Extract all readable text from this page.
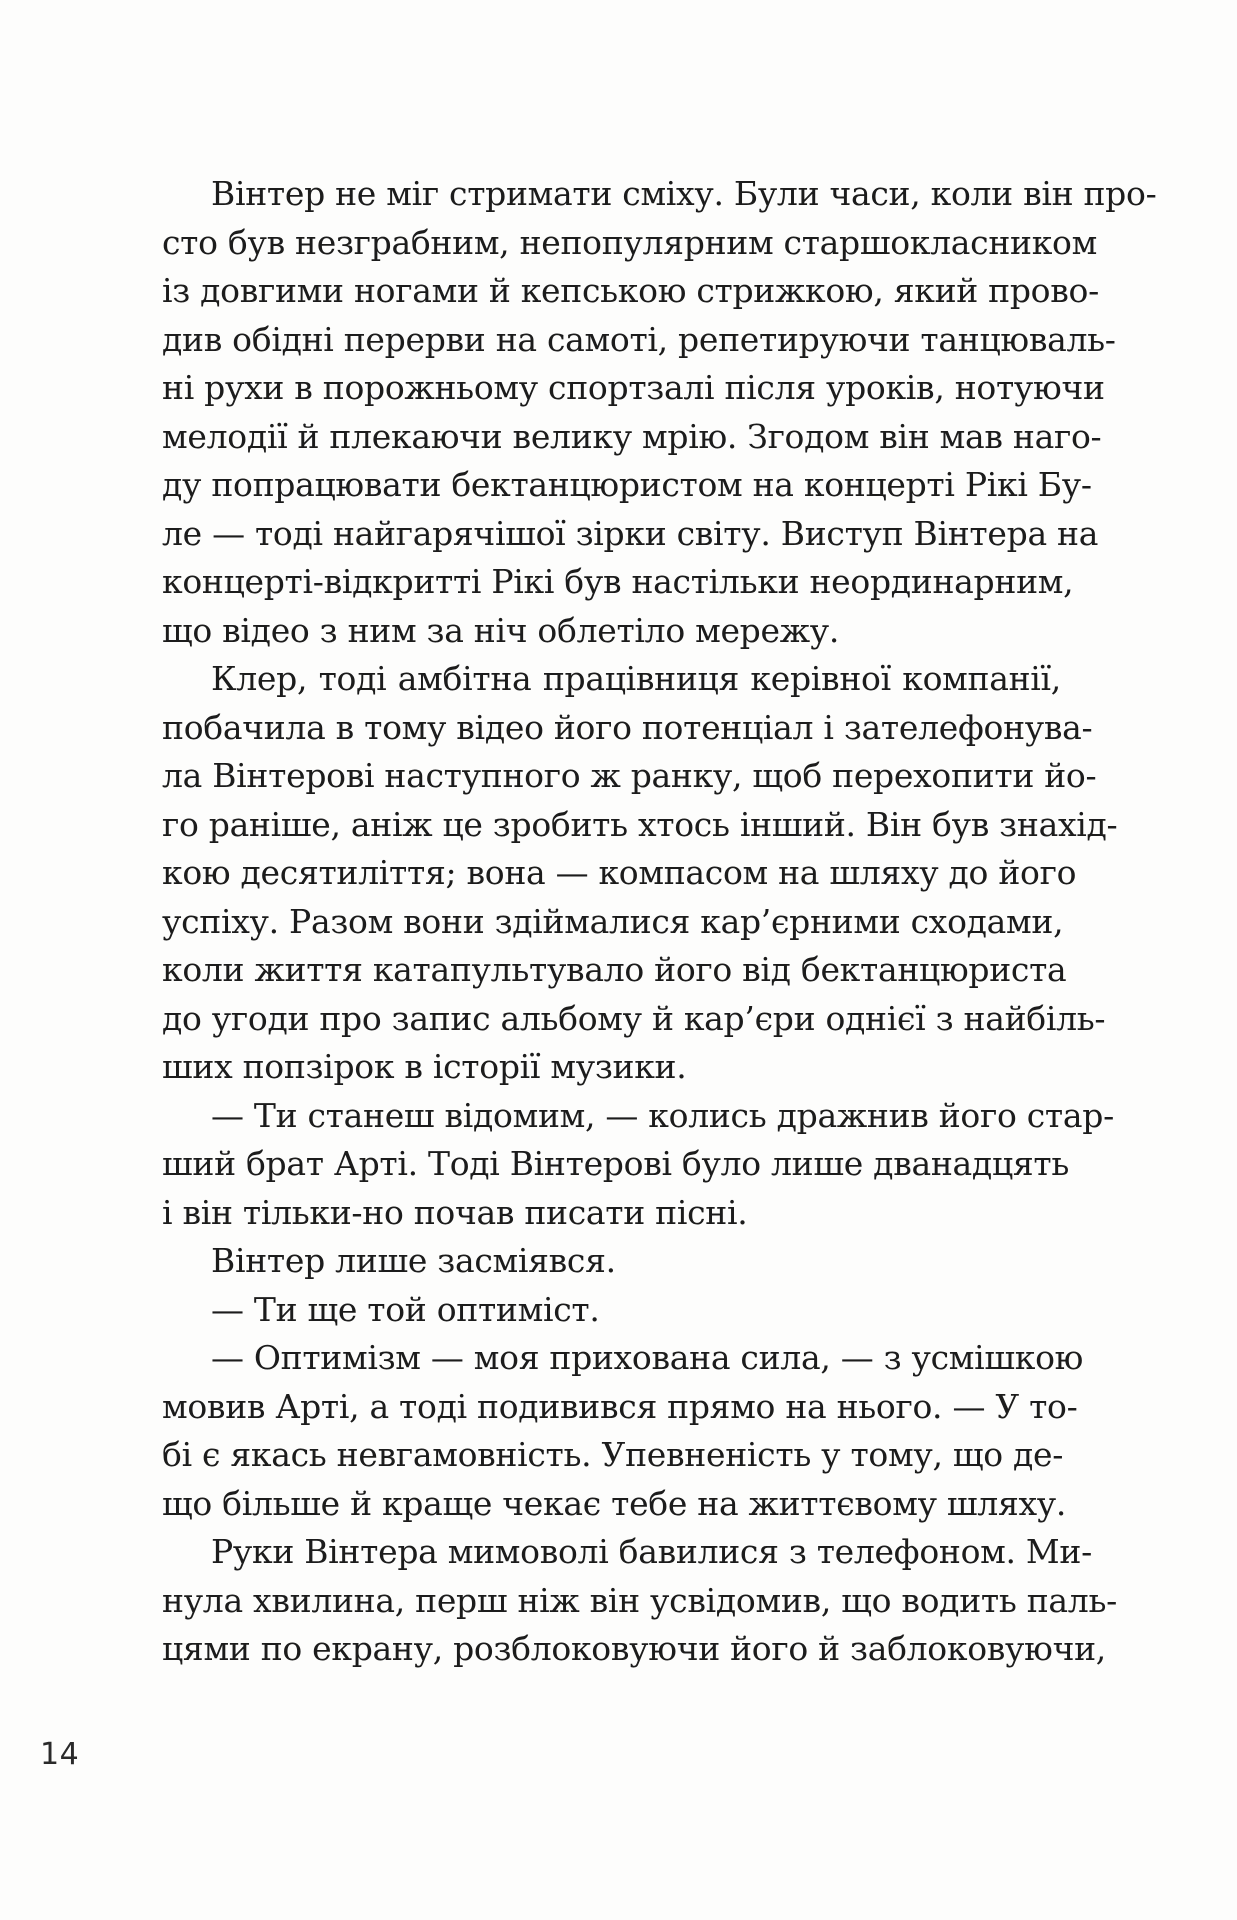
Вінтер не міг стримати сміху. Були часи, коли він про-
сто був незграбним, непопулярним старшокласником
із довгими ногами й кепською стрижкою, який прово-
див обідні перерви на самоті, репетируючи танцюваль-
ні рухи в порожньому спортзалі після уроків, нотуючи
мелодії й плекаючи велику мрію. Згодом він мав наго-
ду попрацювати бектанцюристом на концерті Рікі Бу-
ле — тоді найгарячішої зірки світу. Виступ Вінтера на
концерті-відкритті Рікі був настільки неординарним,
що відео з ним за ніч облетіло мережу.
Клер, тоді амбітна працівниця керівної компанії,
побачила в тому відео його потенціал і зателефонува-
ла Вінтерові наступного ж ранку, щоб перехопити йо-
го раніше, аніж це зробить хтось інший. Він був знахід-
кою десятиліття; вона — компасом на шляху до його
успіху. Разом вони здіймалися кар’єрними сходами,
коли життя катапультувало його від бектанцюриста
до угоди про запис альбому й кар’єри однієї з найбіль-
ших попзірок в історії музики.
— Ти станеш відомим, — колись дражнив його стар-
ший брат Арті. Тоді Вінтерові було лише дванадцять
і він тільки-но почав писати пісні.
Вінтер лише засміявся.
— Ти ще той оптиміст.
— Оптимізм — моя прихована сила, — з усмішкою
мовив Арті, а тоді подивився прямо на нього. — У то-
бі є якась невгамовність. Упевненість у тому, що де-
що більше й краще чекає тебе на життєвому шляху.
Руки Вінтера мимоволі бавилися з телефоном. Ми-
нула хвилина, перш ніж він усвідомив, що водить паль-
цями по екрану, розблоковуючи його й заблоковуючи,
14
